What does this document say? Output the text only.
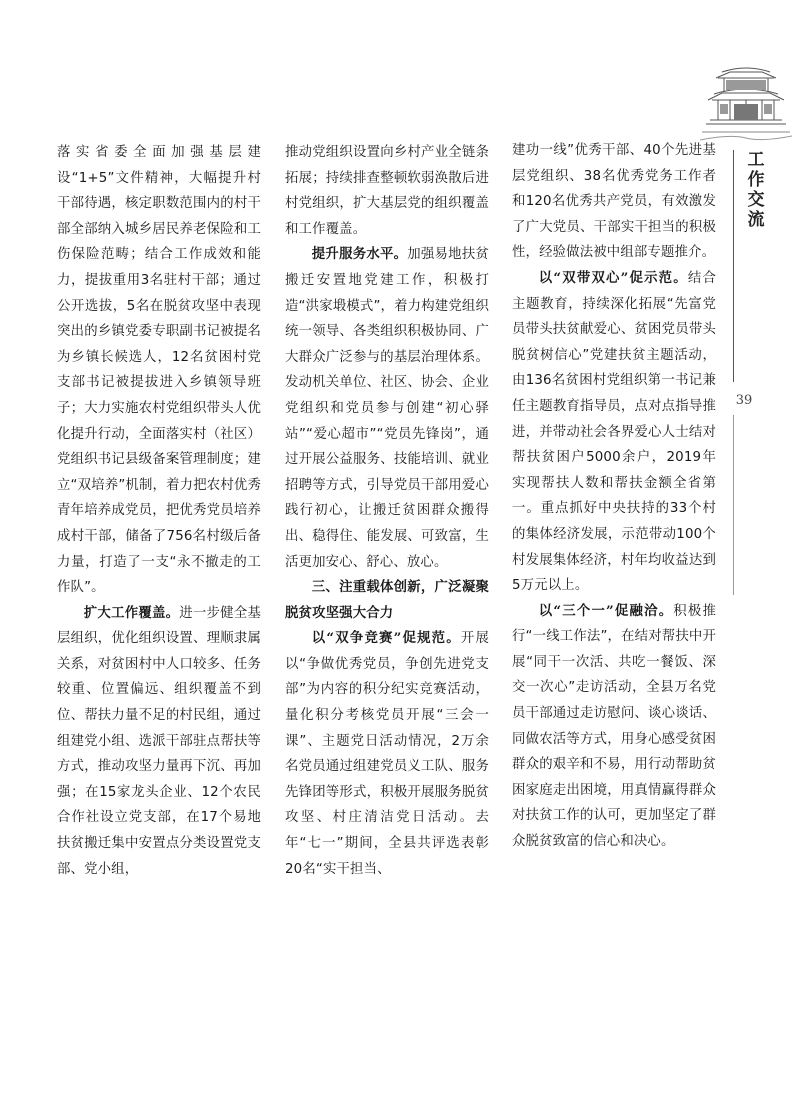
工作交流
39

落实省委全面加强基层建设“1+5”文件精神，大幅提升村干部待遇，核定职数范围内的村干部全部纳入城乡居民养老保险和工伤保险范畴；结合工作成效和能力，提拔重用3名驻村干部；通过公开选拔，5名在脱贫攻坚中表现突出的乡镇党委专职副书记被提名为乡镇长候选人，12名贫困村党支部书记被提拔进入乡镇领导班子；大力实施农村党组织带头人优化提升行动，全面落实村（社区）党组织书记县级备案管理制度；建立“双培养”机制，着力把农村优秀青年培养成党员，把优秀党员培养成村干部，储备了756名村级后备力量，打造了一支“永不撤走的工作队”。

扩大工作覆盖。进一步健全基层组织，优化组织设置、理顺隶属关系，对贫困村中人口较多、任务较重、位置偏远、组织覆盖不到位、帮扶力量不足的村民组，通过组建党小组、选派干部驻点帮扶等方式，推动攻坚力量再下沉、再加强；在15家龙头企业、12个农民合作社设立党支部，在17个易地扶贫搬迁集中安置点分类设置党支部、党小组，

推动党组织设置向乡村产业全链条拓展；持续排查整顿软弱涣散后进村党组织，扩大基层党的组织覆盖和工作覆盖。

提升服务水平。加强易地扶贫搬迁安置地党建工作，积极打造“洪家塅模式”，着力构建党组织统一领导、各类组织积极协同、广大群众广泛参与的基层治理体系。发动机关单位、社区、协会、企业党组织和党员参与创建“初心驿站”“爱心超市”“党员先锋岗”，通过开展公益服务、技能培训、就业招聘等方式，引导党员干部用爱心践行初心，让搬迁贫困群众搬得出、稳得住、能发展、可致富，生活更加安心、舒心、放心。

三、注重载体创新，广泛凝聚脱贫攻坚强大合力

以“双争竞赛”促规范。开展以“争做优秀党员，争创先进党支部”为内容的积分纪实竞赛活动，量化积分考核党员开展“三会一课”、主题党日活动情况，2万余名党员通过组建党员义工队、服务先锋团等形式，积极开展服务脱贫攻坚、村庄清洁党日活动。去年“七一”期间，全县共评选表彰20名“实干担当、

建功一线”优秀干部、40个先进基层党组织、38名优秀党务工作者和120名优秀共产党员，有效激发了广大党员、干部实干担当的积极性，经验做法被中组部专题推介。

以“双带双心”促示范。结合主题教育，持续深化拓展“先富党员带头扶贫献爱心、贫困党员带头脱贫树信心”党建扶贫主题活动，由136名贫困村党组织第一书记兼任主题教育指导员，点对点指导推进，并带动社会各界爱心人士结对帮扶贫困户5000余户，2019年实现帮扶人数和帮扶金额全省第一。重点抓好中央扶持的33个村的集体经济发展，示范带动100个村发展集体经济，村年均收益达到5万元以上。

以“三个一”促融洽。积极推行“一线工作法”，在结对帮扶中开展“同干一次活、共吃一餐饭、深交一次心”走访活动，全县万名党员干部通过走访慰问、谈心谈话、同做农活等方式，用身心感受贫困群众的艰辛和不易，用行动帮助贫困家庭走出困境，用真情赢得群众对扶贫工作的认可，更加坚定了群众脱贫致富的信心和决心。
